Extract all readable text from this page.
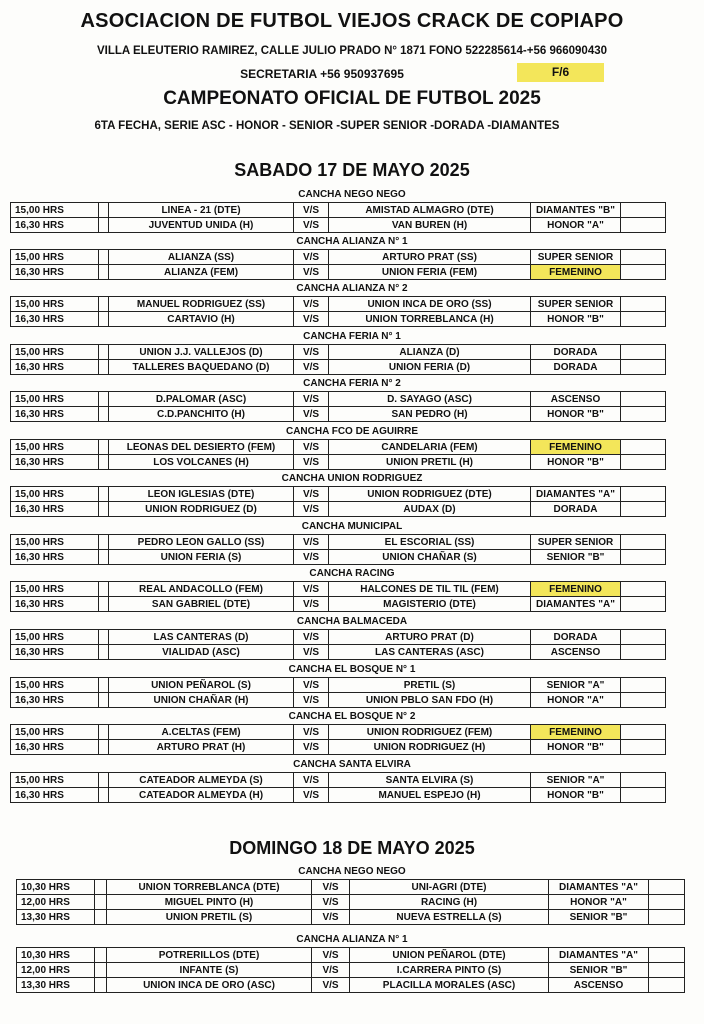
ASOCIACION DE FUTBOL VIEJOS CRACK DE COPIAPO
VILLA ELEUTERIO RAMIREZ, CALLE JULIO PRADO N° 1871 FONO 522285614-+56 966090430
SECRETARIA +56 950937695	F/6
CAMPEONATO OFICIAL DE FUTBOL 2025
6TA FECHA, SERIE ASC - HONOR - SENIOR -SUPER SENIOR -DORADA -DIAMANTES
SABADO 17 DE MAYO 2025
CANCHA NEGO NEGO
15,00 HRS		LINEA - 21 (DTE)	V/S	AMISTAD ALMAGRO (DTE)	DIAMANTES "B"	
16,30 HRS		JUVENTUD UNIDA (H)	V/S	VAN BUREN (H)	HONOR "A"	
CANCHA ALIANZA N° 1
15,00 HRS		ALIANZA (SS)	V/S	ARTURO PRAT (SS)	SUPER SENIOR	
16,30 HRS		ALIANZA (FEM)	V/S	UNION FERIA (FEM)	FEMENINO	
CANCHA ALIANZA N° 2
15,00 HRS		MANUEL RODRIGUEZ (SS)	V/S	UNION INCA DE ORO (SS)	SUPER SENIOR	
16,30 HRS		CARTAVIO (H)	V/S	UNION TORREBLANCA (H)	HONOR "B"	
CANCHA FERIA N° 1
15,00 HRS		UNION J.J. VALLEJOS (D)	V/S	ALIANZA (D)	DORADA	
16,30 HRS		TALLERES BAQUEDANO (D)	V/S	UNION FERIA (D)	DORADA	
CANCHA FERIA N° 2
15,00 HRS		D.PALOMAR (ASC)	V/S	D. SAYAGO (ASC)	ASCENSO	
16,30 HRS		C.D.PANCHITO (H)	V/S	SAN PEDRO (H)	HONOR "B"	
CANCHA FCO DE AGUIRRE
15,00 HRS		LEONAS DEL DESIERTO (FEM)	V/S	CANDELARIA (FEM)	FEMENINO	
16,30 HRS		LOS VOLCANES (H)	V/S	UNION PRETIL (H)	HONOR "B"	
CANCHA UNION RODRIGUEZ
15,00 HRS		LEON IGLESIAS (DTE)	V/S	UNION RODRIGUEZ (DTE)	DIAMANTES "A"	
16,30 HRS		UNION RODRIGUEZ (D)	V/S	AUDAX (D)	DORADA	
CANCHA MUNICIPAL
15,00 HRS		PEDRO LEON GALLO (SS)	V/S	EL ESCORIAL (SS)	SUPER SENIOR	
16,30 HRS		UNION FERIA (S)	V/S	UNION CHAÑAR (S)	SENIOR "B"	
CANCHA RACING
15,00 HRS		REAL ANDACOLLO (FEM)	V/S	HALCONES DE TIL TIL (FEM)	FEMENINO	
16,30 HRS		SAN GABRIEL (DTE)	V/S	MAGISTERIO (DTE)	DIAMANTES "A"	
CANCHA BALMACEDA
15,00 HRS		LAS CANTERAS (D)	V/S	ARTURO PRAT (D)	DORADA	
16,30 HRS		VIALIDAD (ASC)	V/S	LAS CANTERAS (ASC)	ASCENSO	
CANCHA EL BOSQUE N° 1
15,00 HRS		UNION PEÑAROL (S)	V/S	PRETIL (S)	SENIOR "A"	
16,30 HRS		UNION CHAÑAR (H)	V/S	UNION PBLO SAN FDO (H)	HONOR "A"	
CANCHA EL BOSQUE N° 2
15,00 HRS		A.CELTAS (FEM)	V/S	UNION RODRIGUEZ (FEM)	FEMENINO	
16,30 HRS		ARTURO PRAT (H)	V/S	UNION RODRIGUEZ (H)	HONOR "B"	
CANCHA SANTA ELVIRA
15,00 HRS		CATEADOR ALMEYDA (S)	V/S	SANTA ELVIRA (S)	SENIOR "A"	
16,30 HRS		CATEADOR ALMEYDA (H)	V/S	MANUEL ESPEJO (H)	HONOR "B"	
DOMINGO 18 DE MAYO 2025
CANCHA NEGO NEGO
10,30 HRS		UNION TORREBLANCA (DTE)	V/S	UNI-AGRI (DTE)	DIAMANTES "A"	
12,00 HRS		MIGUEL PINTO (H)	V/S	RACING (H)	HONOR "A"	
13,30 HRS		UNION PRETIL (S)	V/S	NUEVA ESTRELLA (S)	SENIOR "B"	
CANCHA ALIANZA N° 1
10,30 HRS		POTRERILLOS (DTE)	V/S	UNION PEÑAROL (DTE)	DIAMANTES "A"	
12,00 HRS		INFANTE (S)	V/S	I.CARRERA PINTO (S)	SENIOR "B"	
13,30 HRS		UNION INCA DE ORO (ASC)	V/S	PLACILLA MORALES (ASC)	ASCENSO	
